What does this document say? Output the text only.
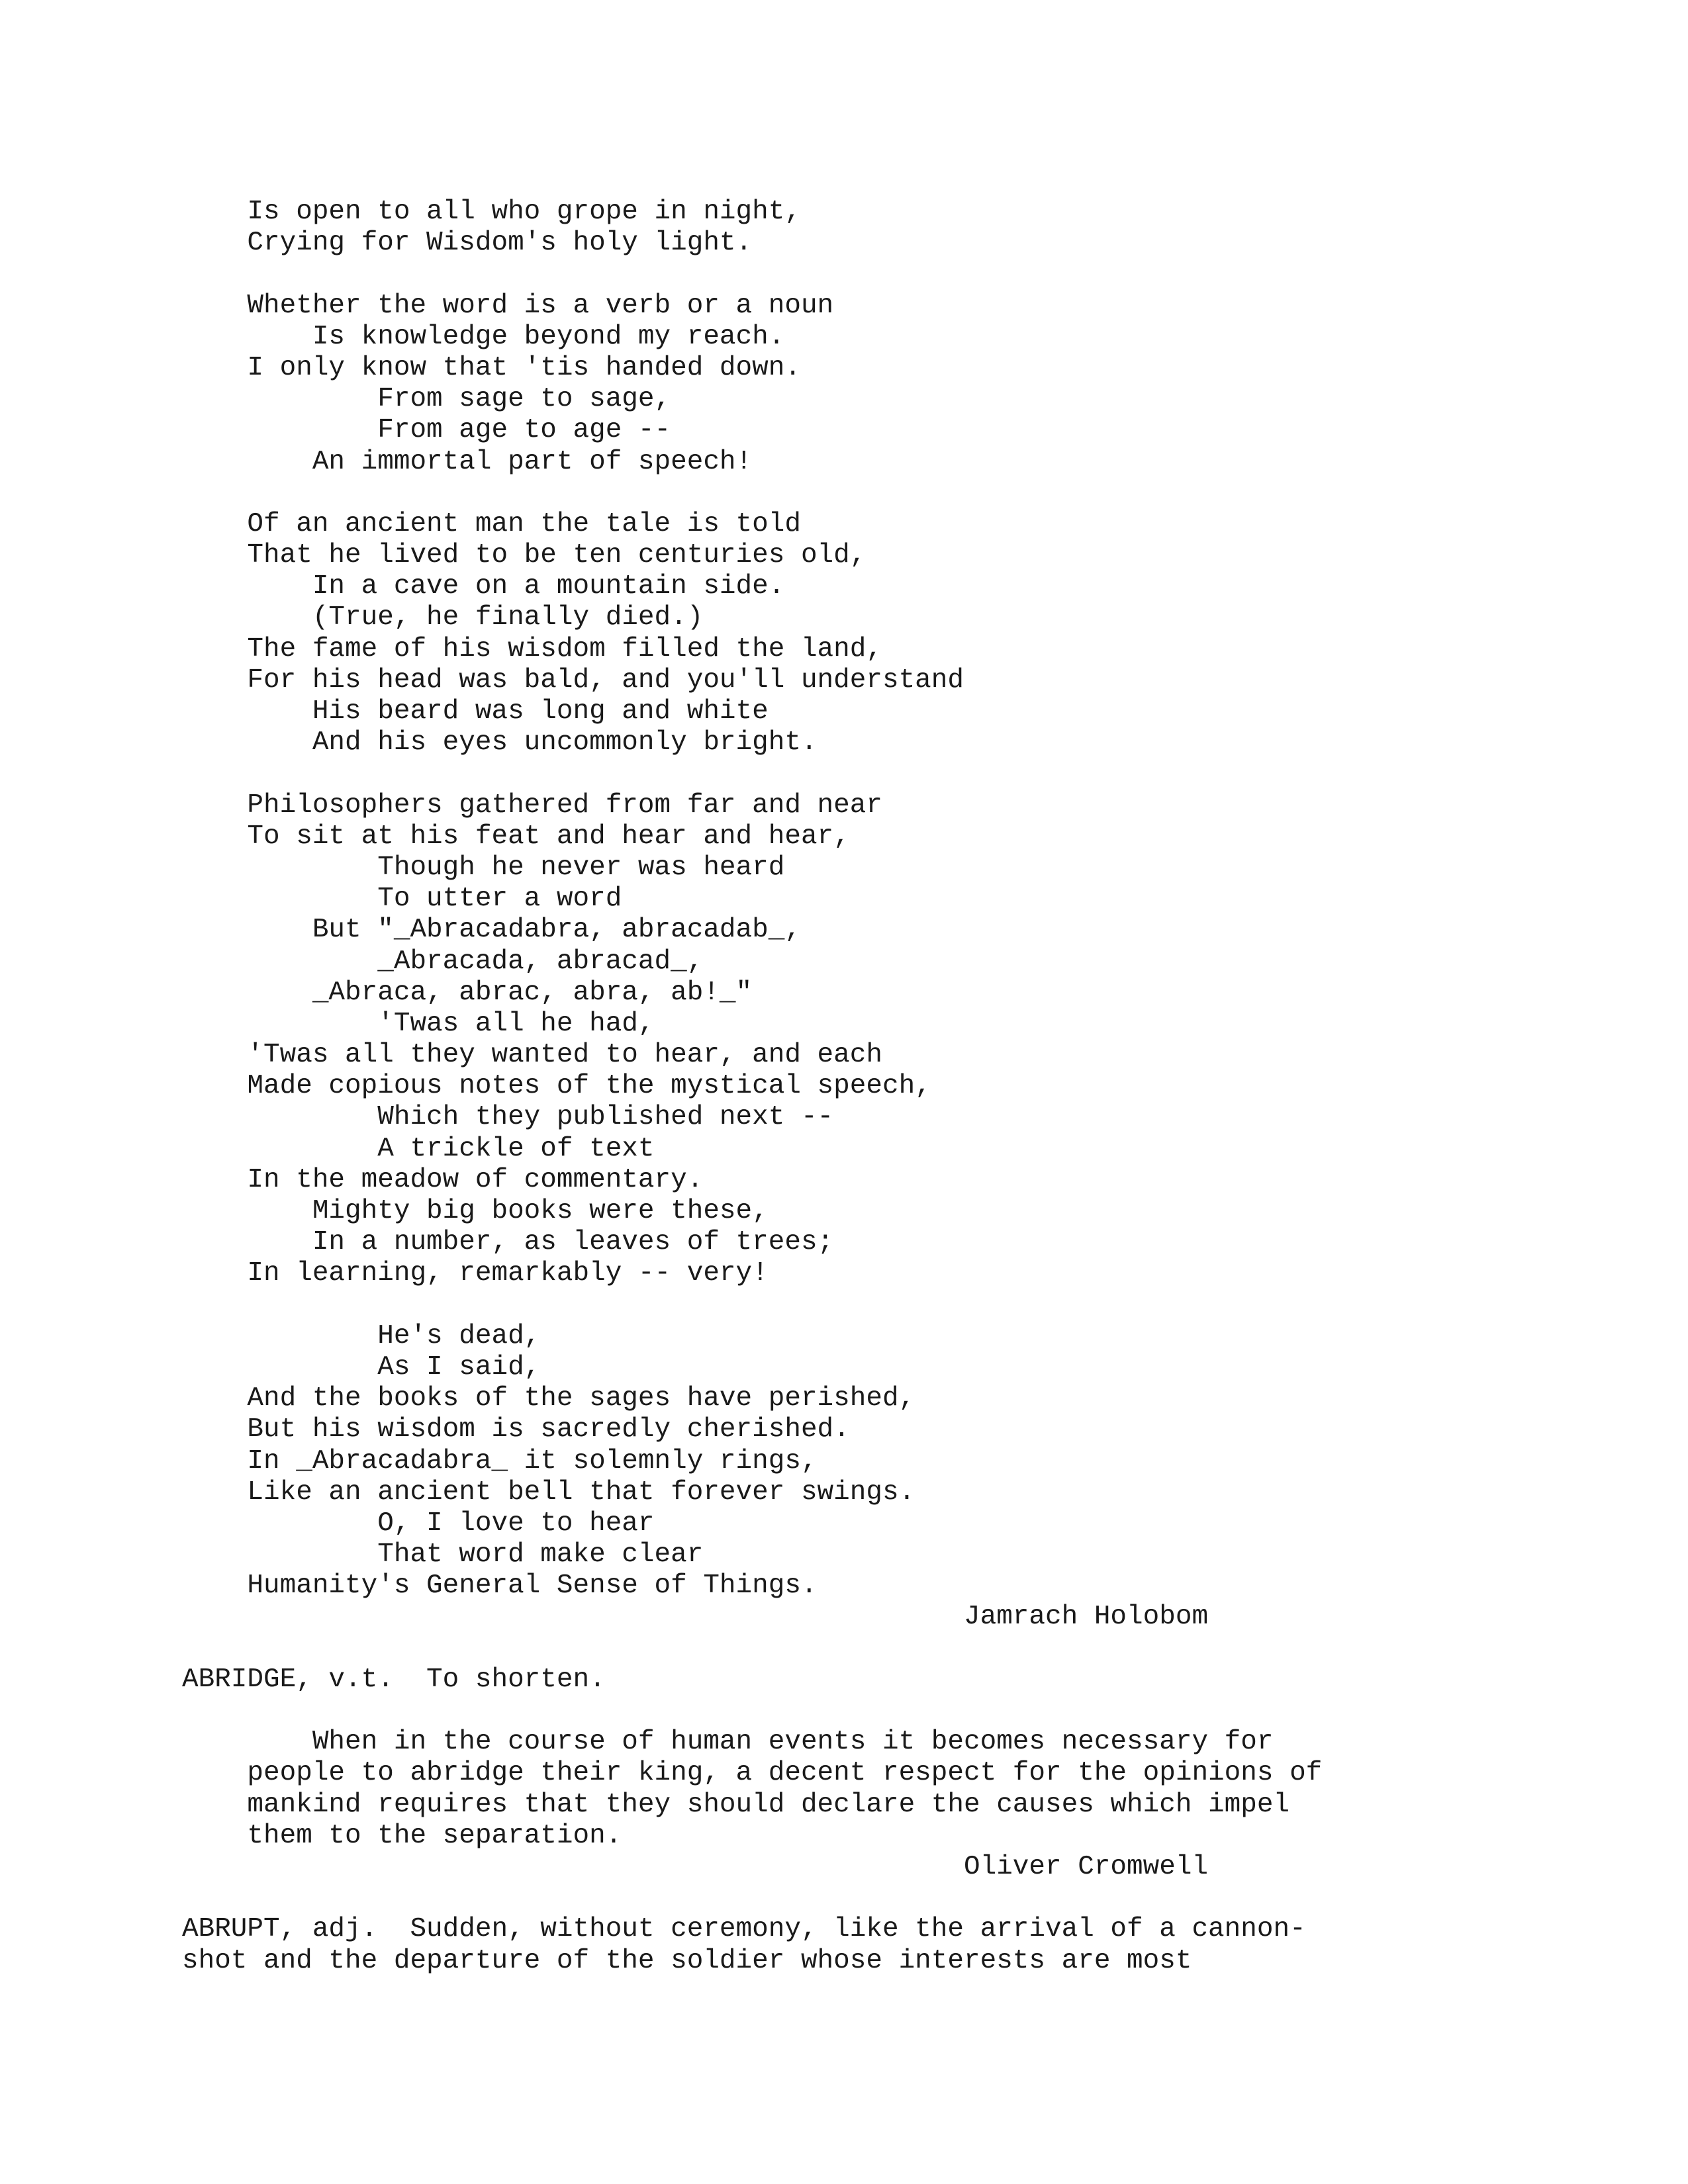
Is open to all who grope in night,
Crying for Wisdom's holy light.
Whether the word is a verb or a noun
Is knowledge beyond my reach.
I only know that 'tis handed down.
From sage to sage,
From age to age --
An immortal part of speech!
Of an ancient man the tale is told
That he lived to be ten centuries old,
In a cave on a mountain side.
(True, he finally died.)
The fame of his wisdom filled the land,
For his head was bald, and you'll understand
His beard was long and white
And his eyes uncommonly bright.
Philosophers gathered from far and near
To sit at his feat and hear and hear,
Though he never was heard
To utter a word
But "_Abracadabra, abracadab_,
_Abracada, abracad_,
_Abraca, abrac, abra, ab!_"
'Twas all he had,
'Twas all they wanted to hear, and each
Made copious notes of the mystical speech,
Which they published next --
A trickle of text
In the meadow of commentary.
Mighty big books were these,
In a number, as leaves of trees;
In learning, remarkably -- very!
He's dead,
As I said,
And the books of the sages have perished,
But his wisdom is sacredly cherished.
In _Abracadabra_ it solemnly rings,
Like an ancient bell that forever swings.
O, I love to hear
That word make clear
Humanity's General Sense of Things.
Jamrach Holobom
ABRIDGE, v.t.  To shorten.
When in the course of human events it becomes necessary for
people to abridge their king, a decent respect for the opinions of
mankind requires that they should declare the causes which impel
them to the separation.
Oliver Cromwell
ABRUPT, adj.  Sudden, without ceremony, like the arrival of a cannon-
shot and the departure of the soldier whose interests are most
